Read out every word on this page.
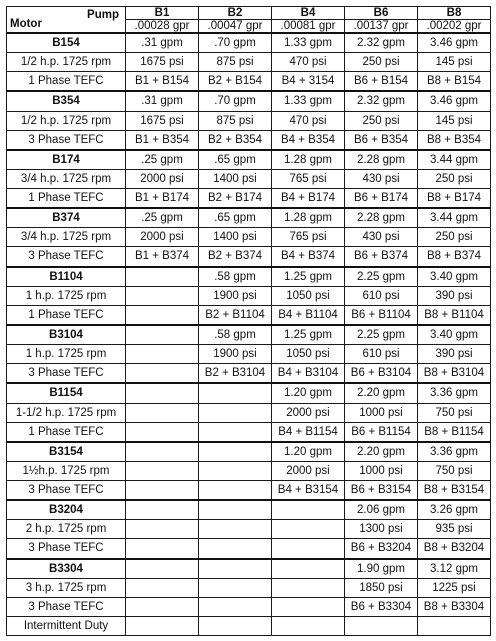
Pump
Motor	B1	B2	B4	B6	B8
	.00028 gpr	.00047 gpr	.00081 gpr	.00137 gpr	.00202 gpr
B154	.31 gpm	.70 gpm	1.33 gpm	2.32 gpm	3.46 gpm
1/2 h.p. 1725 rpm	1675 psi	875 psi	470 psi	250 psi	145 psi
1 Phase TEFC	B1 + B154	B2 + B154	B4 + 3154	B6 + B154	B8 + B154
B354	.31 gpm	.70 gpm	1.33 gpm	2.32 gpm	3.46 gpm
1/2 h.p. 1725 rpm	1675 psi	875 psi	470 psi	250 psi	145 psi
3 Phase TEFC	B1 + B354	B2 + B354	B4 + B354	B6 + B354	B8 + B354
B174	.25 gpm	.65 gpm	1.28 gpm	2.28 gpm	3.44 gpm
3/4 h.p. 1725 rpm	2000 psi	1400 psi	765 psi	430 psi	250 psi
1 Phase TEFC	B1 + B174	B2 + B174	B4 + B174	B6 + B174	B8 + B174
B374	.25 gpm	.65 gpm	1.28 gpm	2.28 gpm	3.44 gpm
3/4 h.p. 1725 rpm	2000 psi	1400 psi	765 psi	430 psi	250 psi
3 Phase TEFC	B1 + B374	B2 + B374	B4 + B374	B6 + B374	B8 + B374
B1104		.58 gpm	1.25 gpm	2.25 gpm	3.40 gpm
1 h.p. 1725 rpm		1900 psi	1050 psi	610 psi	390 psi
1 Phase TEFC		B2 + B1104	B4 + B1104	B6 + B1104	B8 + B1104
B3104		.58 gpm	1.25 gpm	2.25 gpm	3.40 gpm
1 h.p. 1725 rpm		1900 psi	1050 psi	610 psi	390 psi
3 Phase TEFC		B2 + B3104	B4 + B3104	B6 + B3104	B8 + B3104
B1154			1.20 gpm	2.20 gpm	3.36 gpm
1-1/2 h.p. 1725 rpm			2000 psi	1000 psi	750 psi
1 Phase TEFC			B4 + B1154	B6 + B1154	B8 + B1154
B3154			1.20 gpm	2.20 gpm	3.36 gpm
1½h.p. 1725 rpm			2000 psi	1000 psi	750 psi
3 Phase TEFC			B4 + B3154	B6 + B3154	B8 + B3154
B3204				2.06 gpm	3.26 gpm
2 h.p. 1725 rpm				1300 psi	935 psi
3 Phase TEFC				B6 + B3204	B8 + B3204
B3304				1.90 gpm	3.12 gpm
3 h.p. 1725 rpm				1850 psi	1225 psi
3 Phase TEFC				B6 + B3304	B8 + B3304
Intermittent Duty					
